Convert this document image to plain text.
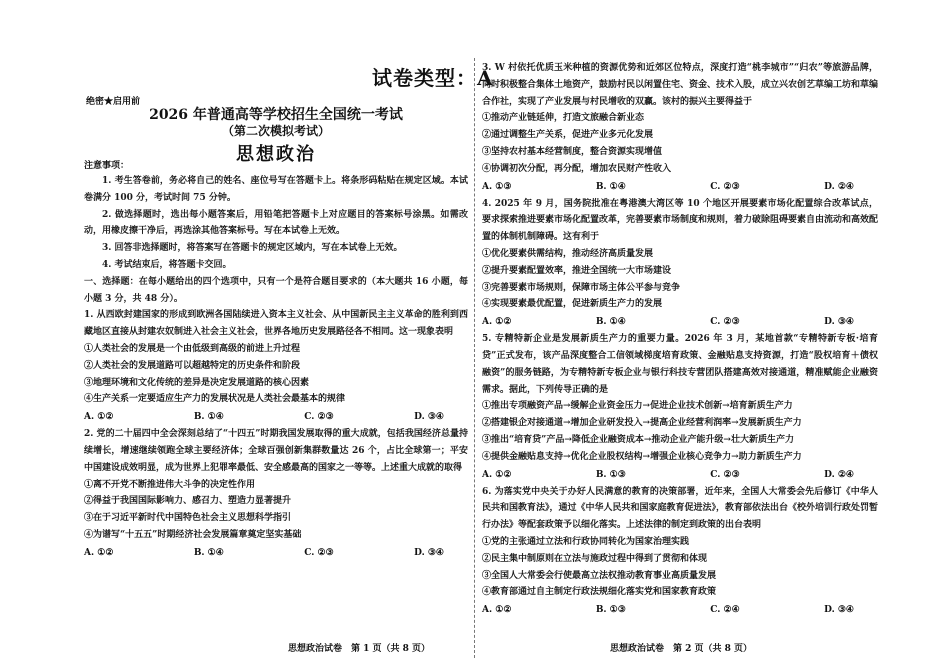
试卷类型：A
绝密★启用前
2026 年普通高等学校招生全国统一考试
（第二次模拟考试）
思想政治
注意事项：

1. 考生答卷前，务必将自己的姓名、座位号写在答题卡上。将条形码粘贴在规定区域。本试卷满分 100 分，考试时间 75 分钟。

2. 做选择题时，选出每小题答案后，用铅笔把答题卡上对应题目的答案标号涂黑。如需改动，用橡皮擦干净后，再选涂其他答案标号。写在本试卷上无效。

3. 回答非选择题时，将答案写在答题卡的规定区域内，写在本试卷上无效。

4. 考试结束后，将答题卡交回。

一、选择题：在每小题给出的四个选项中，只有一个是符合题目要求的（本大题共 16 小题，每小题 3 分，共 48 分）。

1. 从西欧封建国家的形成到欧洲各国陆续进入资本主义社会、从中国新民主主义革命的胜利到西藏地区直接从封建农奴制进入社会主义社会，世界各地历史发展路径各不相同。这一现象表明

①人类社会的发展是一个由低级到高级的前进上升过程

②人类社会的发展道路可以超越特定的历史条件和阶段

③地理环境和文化传统的差异是决定发展道路的核心因素

④生产关系一定要适应生产力的发展状况是人类社会最基本的规律

A. ①②	B. ①④	C. ②③	D. ③④

2. 党的二十届四中全会深刻总结了“十四五”时期我国发展取得的重大成就，包括我国经济总量持续增长，增速继续领跑全球主要经济体；全球百强创新集群数量达 26 个，占比全球第一；平安中国建设成效明显，成为世界上犯罪率最低、安全感最高的国家之一等等。上述重大成就的取得

①离不开党不断推进伟大斗争的决定性作用

②得益于我国国际影响力、感召力、塑造力显著提升

③在于习近平新时代中国特色社会主义思想科学指引

④为谱写“十五五”时期经济社会发展篇章奠定坚实基础

A. ①②	B. ①④	C. ②③	D. ③④
思想政治试卷　第 1 页（共 8 页）

3. W 村依托优质玉米种植的资源优势和近郊区位特点，深度打造“桃李城市”“归农”等旅游品牌，同时积极整合集体土地资产，鼓励村民以闲置住宅、资金、技术入股，成立兴农创艺草编工坊和草编合作社，实现了产业发展与村民增收的双赢。该村的振兴主要得益于

①推动产业链延伸，打造文旅融合新业态

②通过调整生产关系，促进产业多元化发展

③坚持农村基本经营制度，整合资源实现增值

④协调初次分配，再分配，增加农民财产性收入

A. ①③	B. ①④	C. ②③	D. ②④

4. 2025 年 9 月，国务院批准在粤港澳大湾区等 10 个地区开展要素市场化配置综合改革试点，要求探索推进要素市场化配置改革，完善要素市场制度和规则，着力破除阻碍要素自由流动和高效配置的体制机制障碍。这有利于

①优化要素供需结构，推动经济高质量发展

②提升要素配置效率，推进全国统一大市场建设

③完善要素市场规则，保障市场主体公平参与竞争

④实现要素最优配置，促进新质生产力的发展

A. ①②	B. ①④	C. ②③	D. ③④

5. 专精特新企业是发展新质生产力的重要力量。2026 年 3 月，某地首款“专精特新专板·培育贷”正式发布，该产品深度整合工信领域梯度培育政策、金融贴息支持资源，打造“股权培育＋债权融资”的服务链路，为专精特新专板企业与银行科技专营团队搭建高效对接通道，精准赋能企业融资需求。据此，下列传导正确的是

①推出专项融资产品→缓解企业资金压力→促进企业技术创新→培育新质生产力

②搭建银企对接通道→增加企业研发投入→提高企业经营利润率→发展新质生产力

③推出“培育贷”产品→降低企业融资成本→推动企业产能升级→壮大新质生产力

④提供金融贴息支持→优化企业股权结构→增强企业核心竞争力→助力新质生产力

A. ①②	B. ①③	C. ②③	D. ②④

6. 为落实党中央关于办好人民满意的教育的决策部署，近年来，全国人大常委会先后修订《中华人民共和国教育法》，通过《中华人民共和国家庭教育促进法》，教育部依法出台《校外培训行政处罚暂行办法》等配套政策予以细化落实。上述法律的制定到政策的出台表明

①党的主张通过立法和行政协同转化为国家治理实践

②民主集中制原则在立法与施政过程中得到了贯彻和体现

③全国人大常委会行使最高立法权推动教育事业高质量发展

④教育部通过自主制定行政法规细化落实党和国家教育政策

A. ①②	B. ①③	C. ②④	D. ③④
思想政治试卷　第 2 页（共 8 页）
